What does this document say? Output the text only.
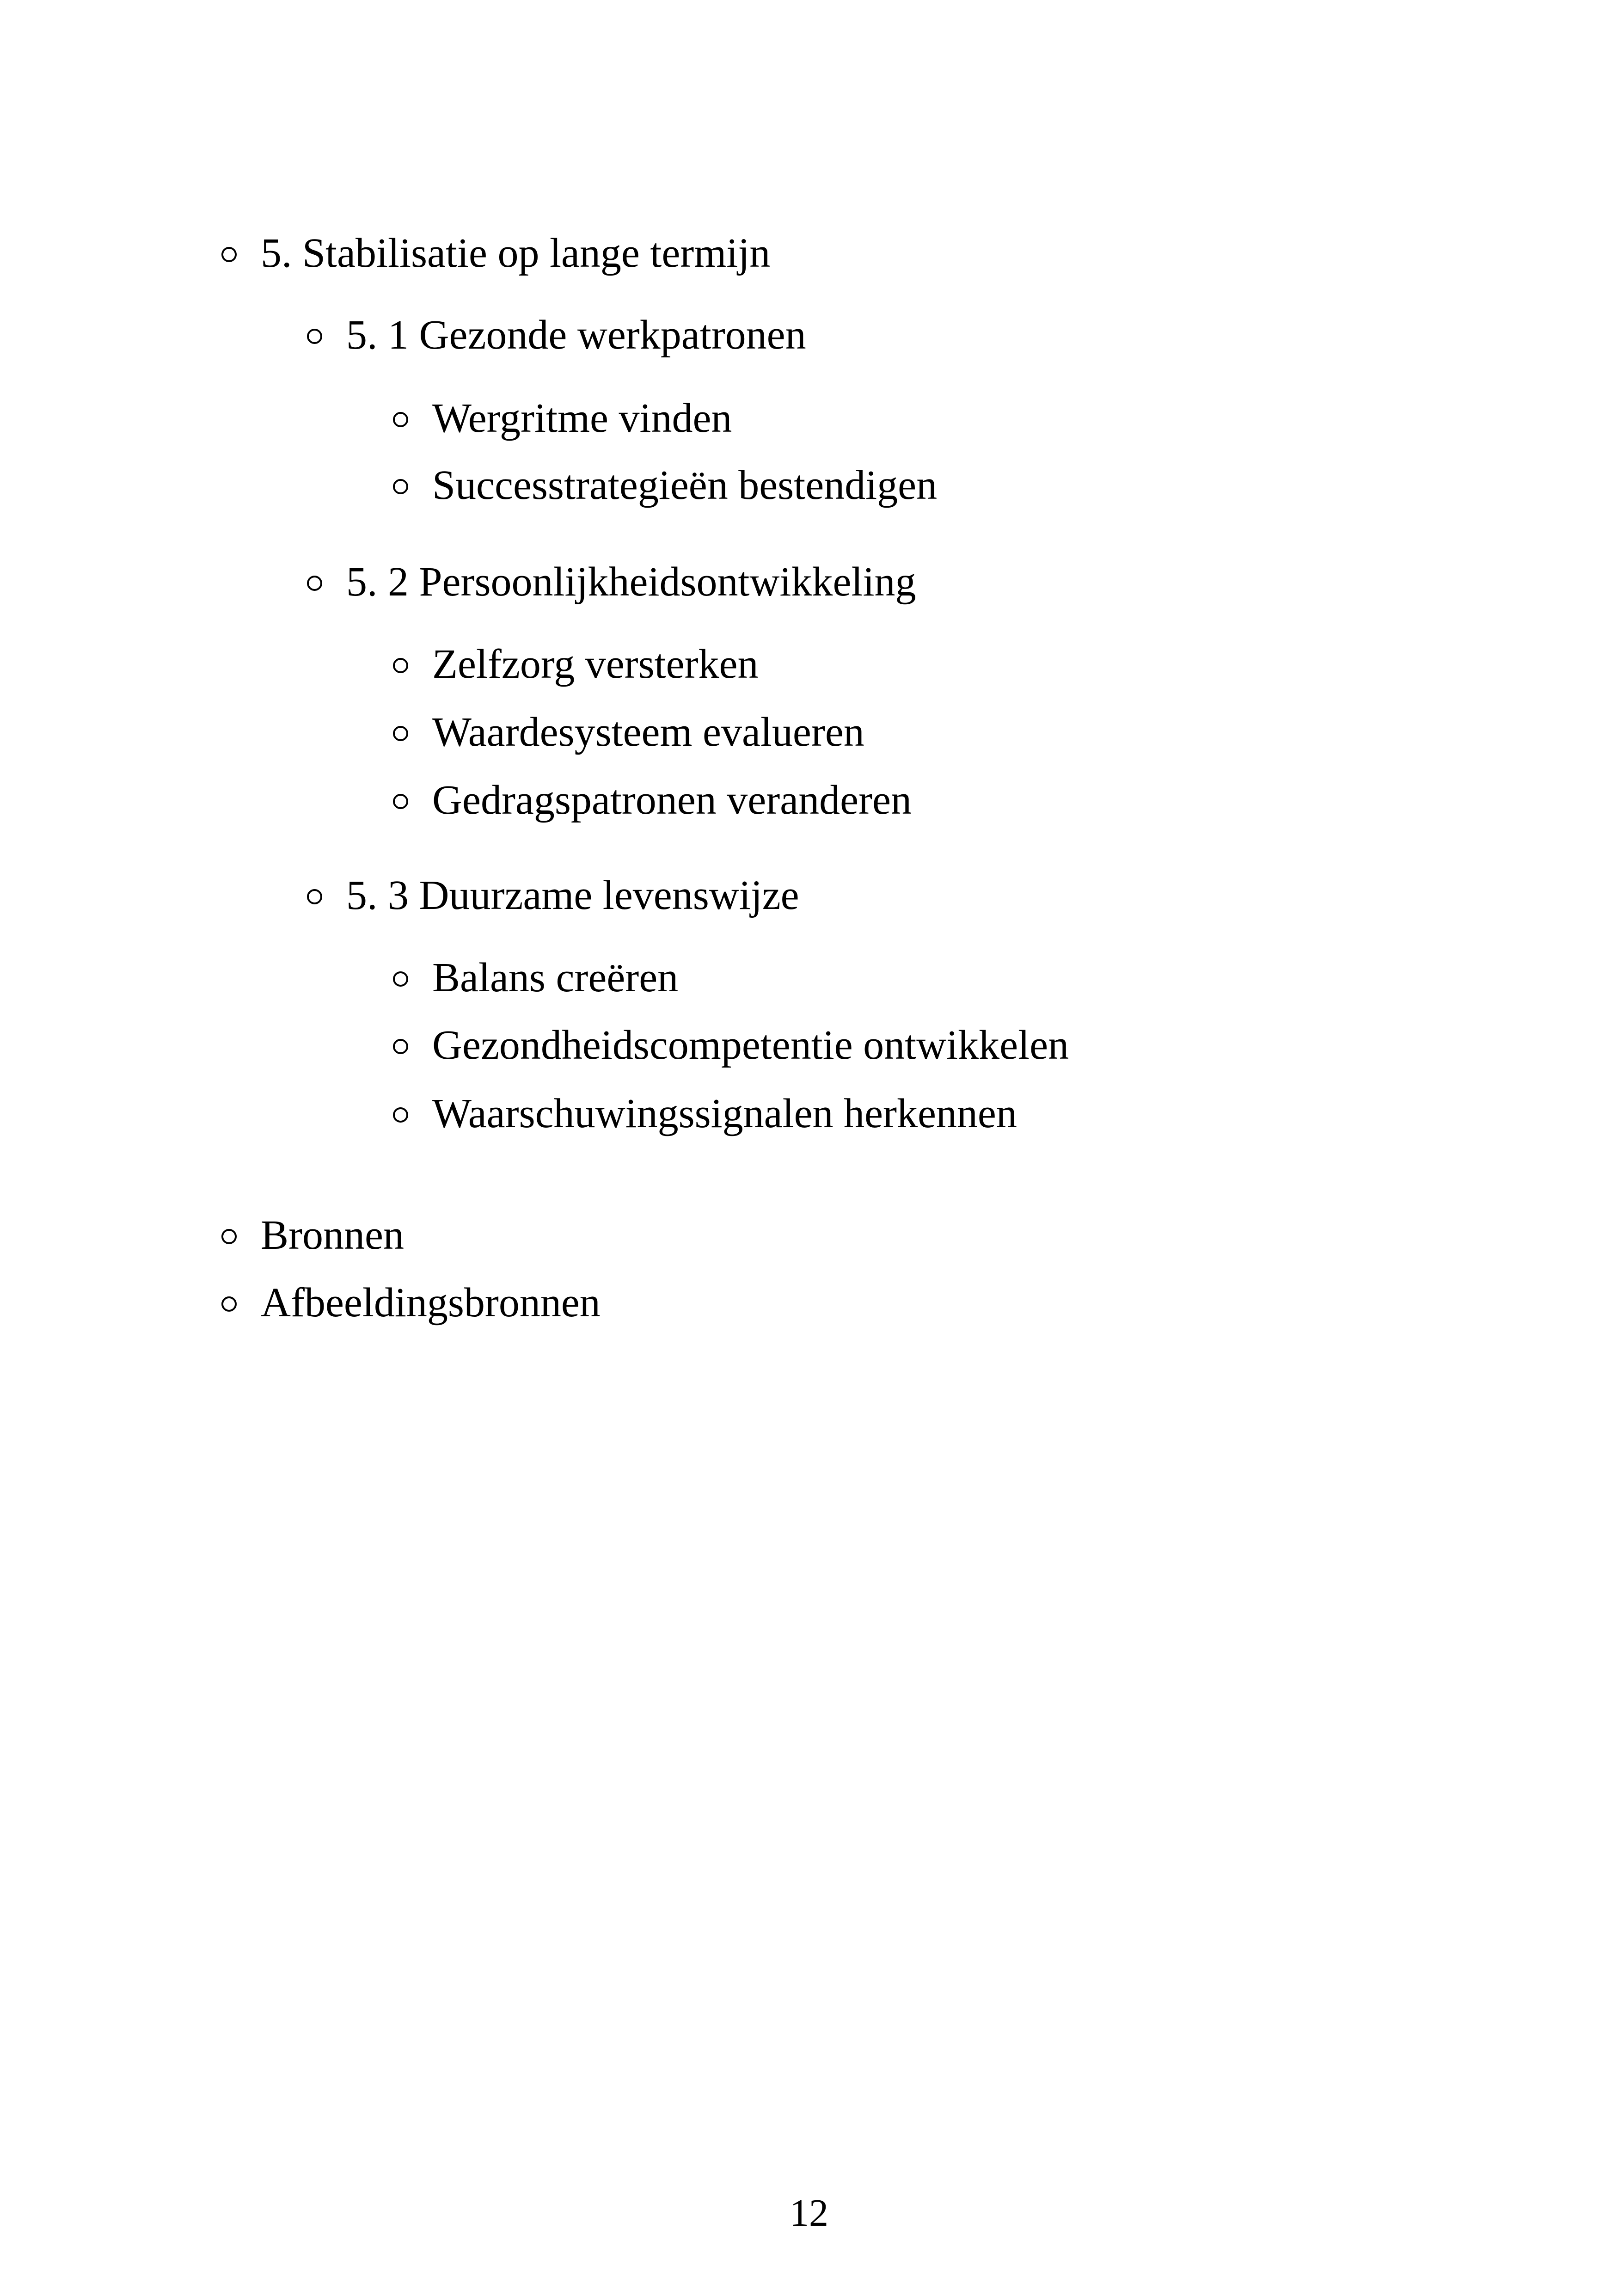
5. Stabilisatie op lange termijn
5. 1 Gezonde werkpatronen
Wergritme vinden
Successtrategieën bestendigen
5. 2 Persoonlijkheidsontwikkeling
Zelfzorg versterken
Waardesysteem evalueren
Gedragspatronen veranderen
5. 3 Duurzame levenswijze
Balans creëren
Gezondheidscompetentie ontwikkelen
Waarschuwingssignalen herkennen
Bronnen
Afbeeldingsbronnen
12
